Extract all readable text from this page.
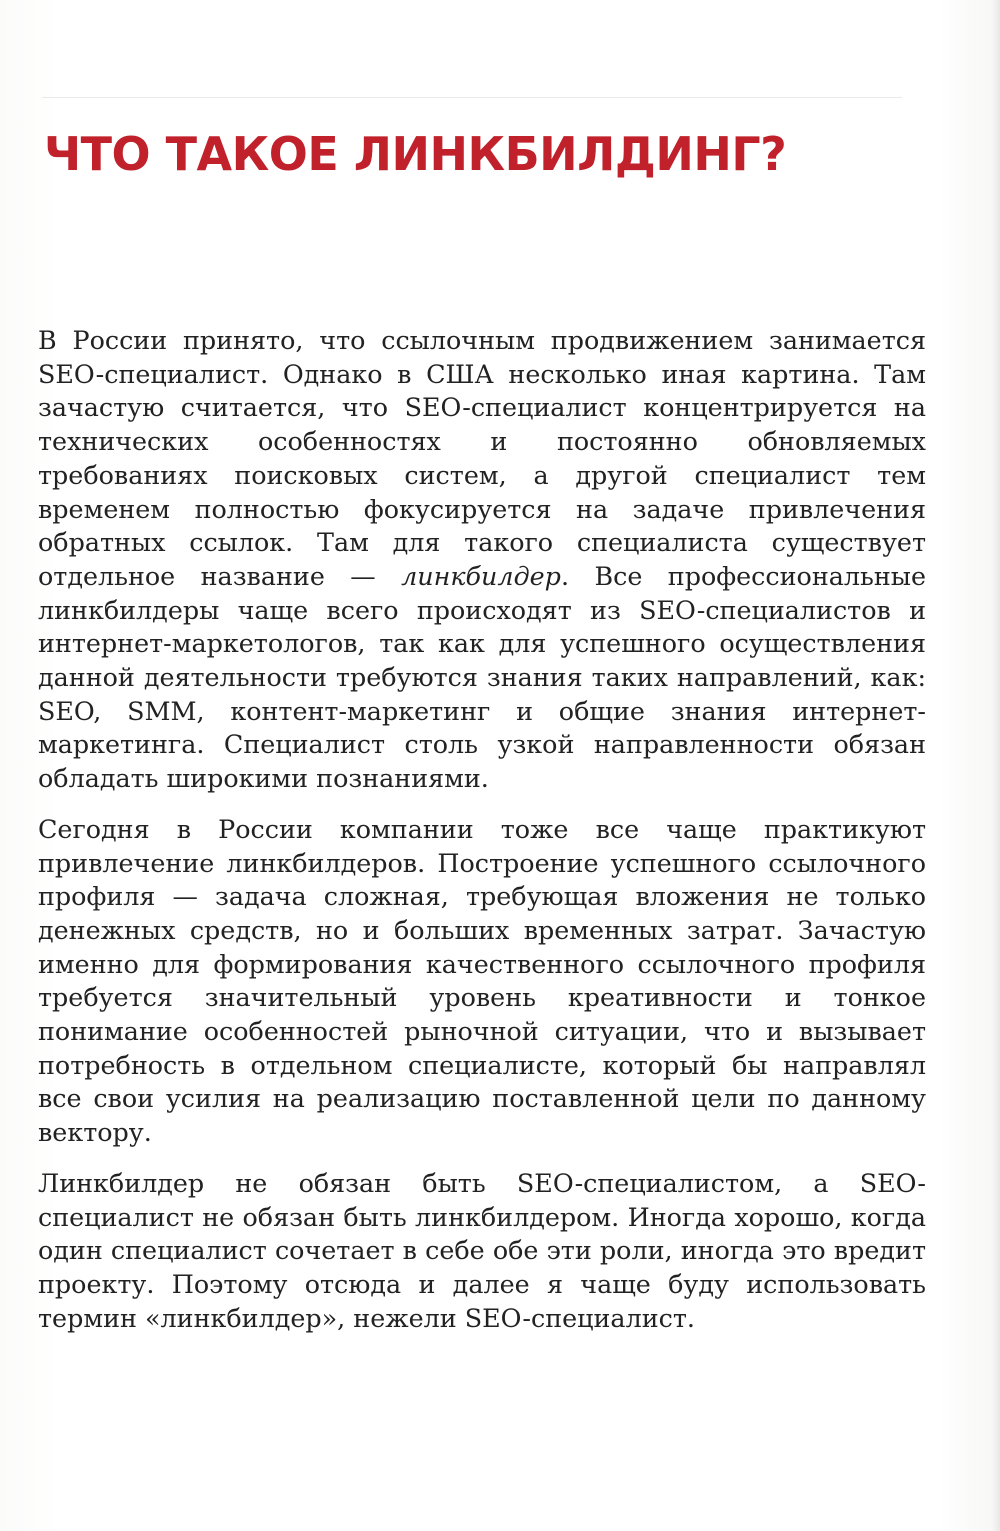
ЧТО ТАКОЕ ЛИНКБИЛДИНГ?

В России принято, что ссылочным продвижением занимается SEO-специалист. Однако в США несколько иная картина. Там зачастую считается, что SEO-специалист концентрируется на технических особенностях и постоянно обновляемых требованиях поисковых систем, а другой специалист тем временем полностью фокусируется на задаче привлечения обратных ссылок. Там для такого специалиста существует отдельное название — линкбилдер. Все профессиональные линкбилдеры чаще всего происходят из SEO-специалистов и интернет-маркетологов, так как для успешного осуществления данной деятельности требуются знания таких направлений, как: SEO, SMM, контент-маркетинг и общие знания интернет-маркетинга. Специалист столь узкой направленности обязан обладать широкими познаниями.

Сегодня в России компании тоже все чаще практикуют привлечение линкбилдеров. Построение успешного ссылочного профиля — задача сложная, требующая вложения не только денежных средств, но и больших временных затрат. Зачастую именно для формирования качественного ссылочного профиля требуется значительный уровень креативности и тонкое понимание особенностей рыночной ситуации, что и вызывает потребность в отдельном специалисте, который бы направлял все свои усилия на реализацию поставленной цели по данному вектору.

Линкбилдер не обязан быть SEO-специалистом, а SEO-специалист не обязан быть линкбилдером. Иногда хорошо, когда один специалист сочетает в себе обе эти роли, иногда это вредит проекту. Поэтому отсюда и далее я чаще буду использовать термин «линкбилдер», нежели SEO-специалист.
